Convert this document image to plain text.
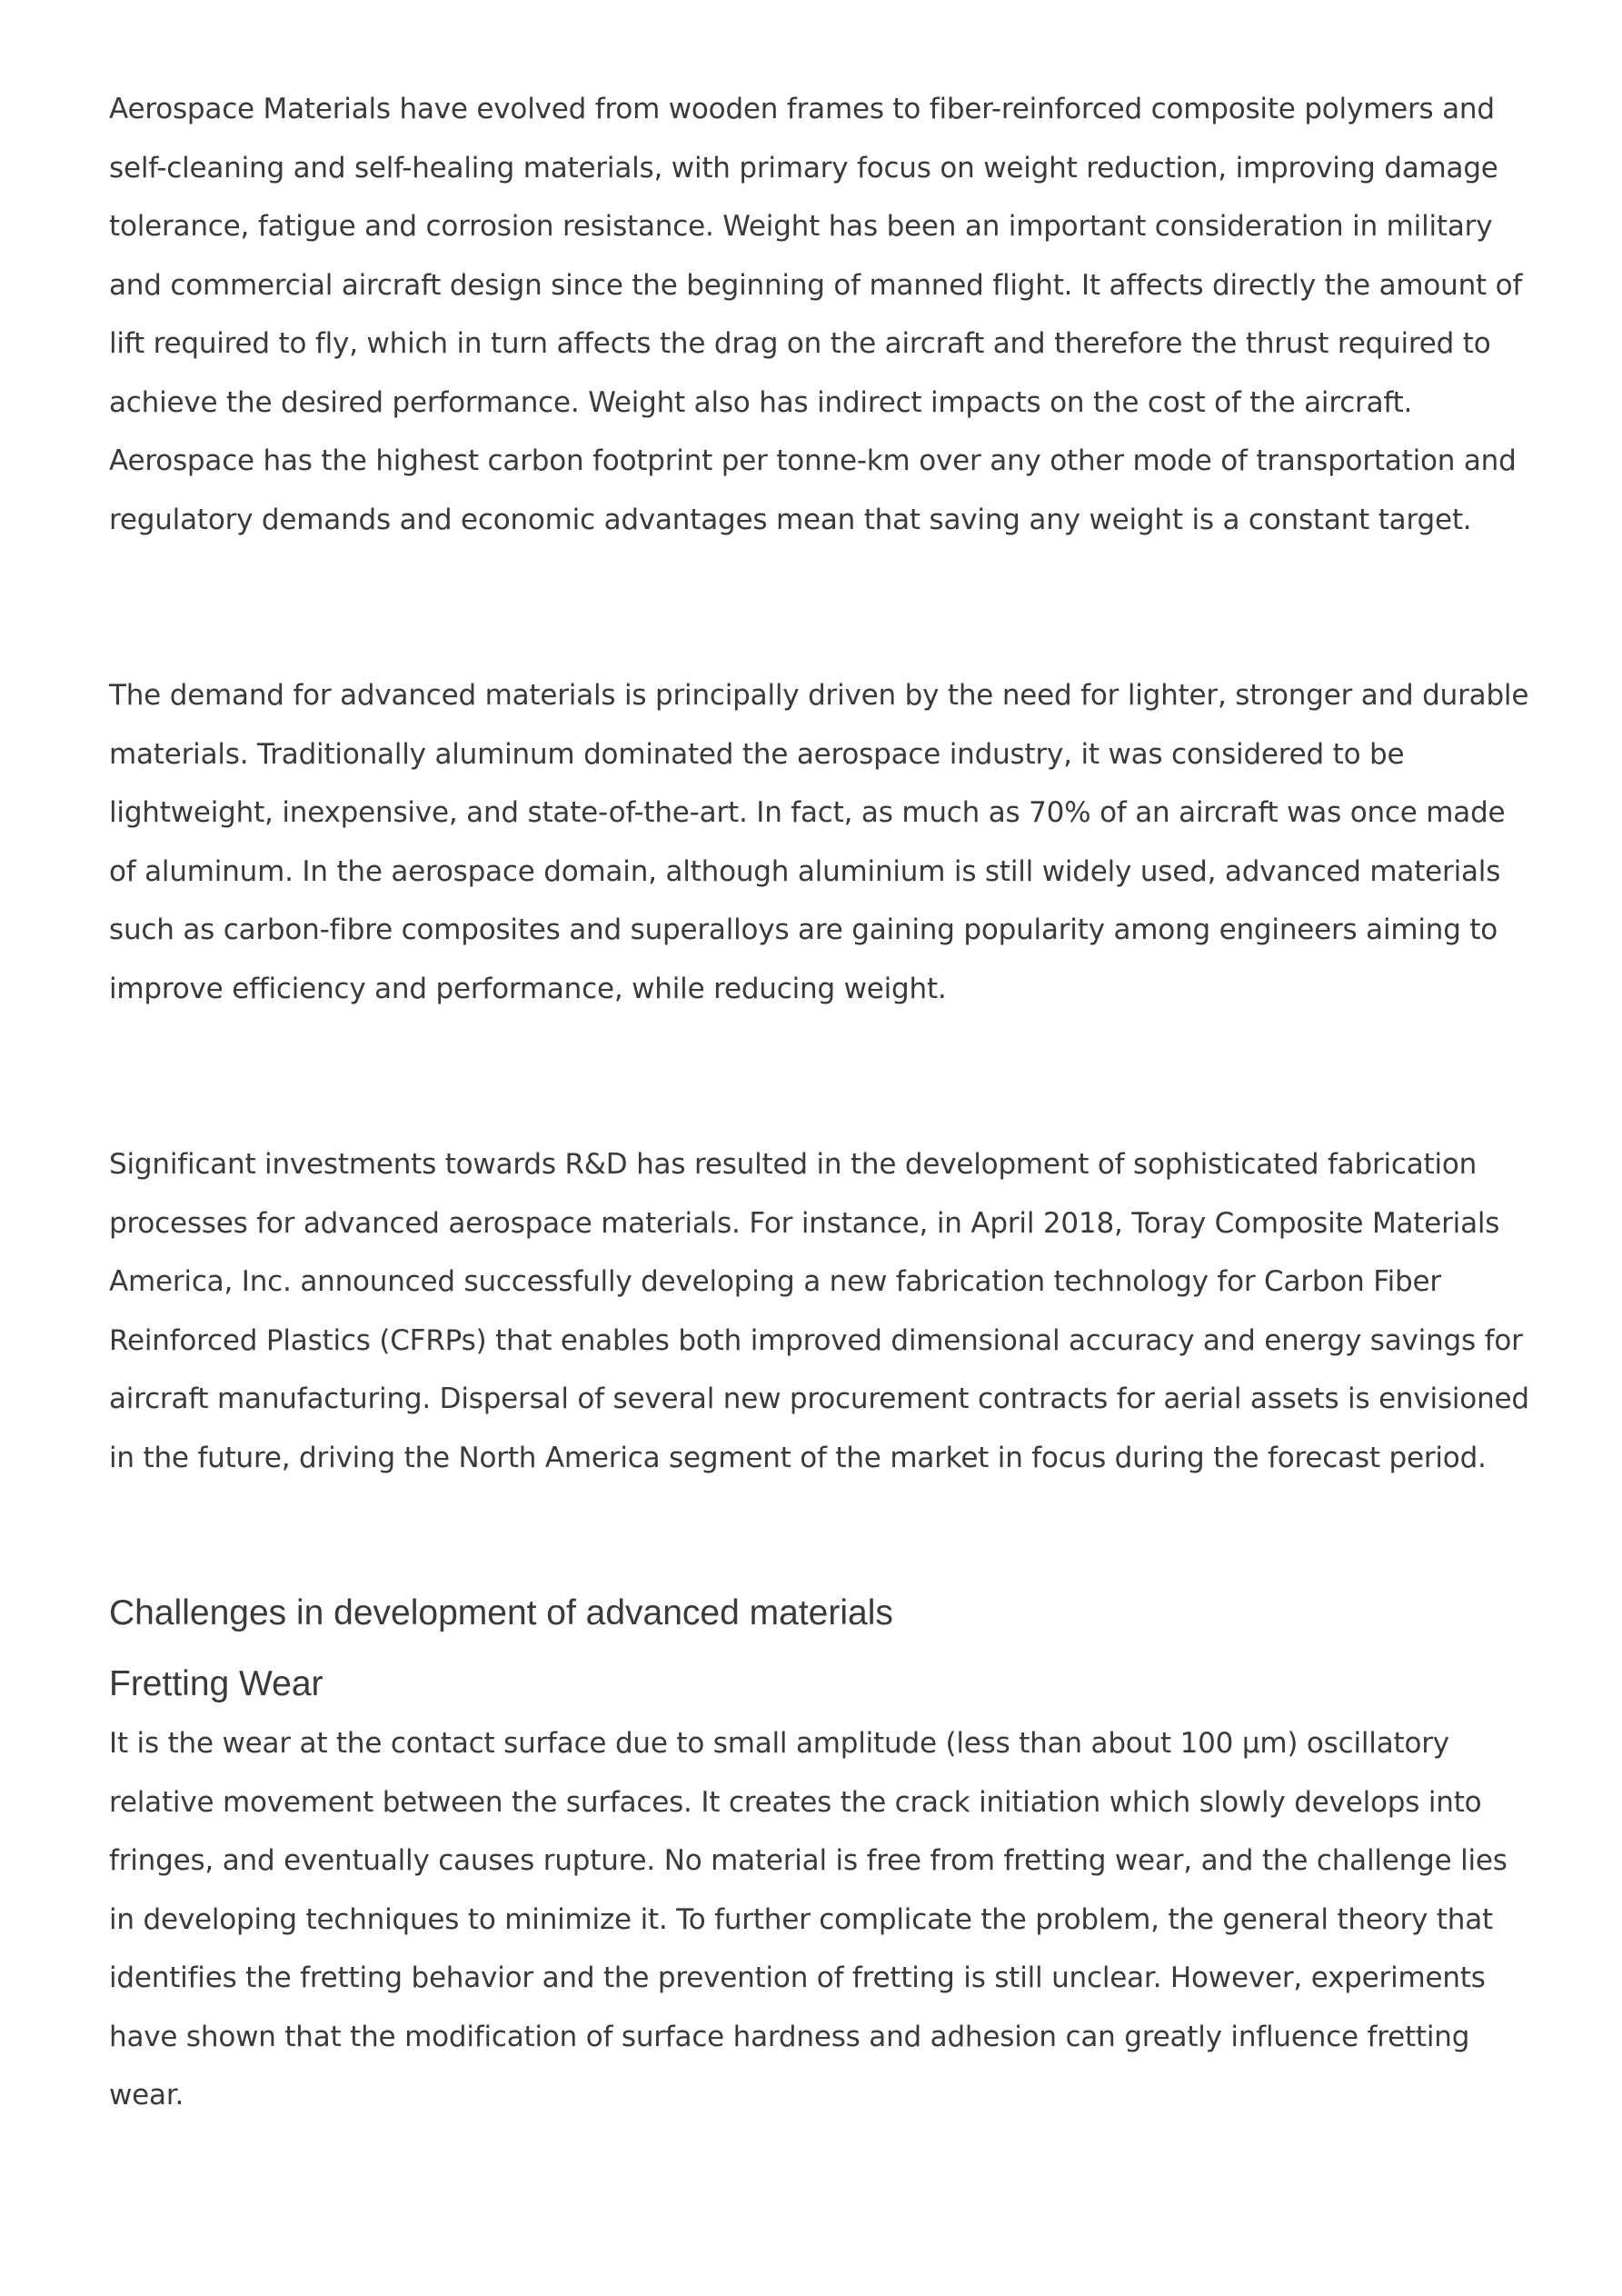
Aerospace Materials have evolved from wooden frames to fiber-reinforced composite polymers and self-cleaning and self-healing materials, with primary focus on weight reduction, improving damage tolerance, fatigue and corrosion resistance. Weight has been an important consideration in military and commercial aircraft design since the beginning of manned flight. It affects directly the amount of lift required to fly, which in turn affects the drag on the aircraft and therefore the thrust required to achieve the desired performance. Weight also has indirect impacts on the cost of the aircraft. Aerospace has the highest carbon footprint per tonne-km over any other mode of transportation and regulatory demands and economic advantages mean that saving any weight is a constant target.

The demand for advanced materials is principally driven by the need for lighter, stronger and durable materials. Traditionally aluminum dominated the aerospace industry, it was considered to be lightweight, inexpensive, and state-of-the-art. In fact, as much as 70% of an aircraft was once made of aluminum. In the aerospace domain, although aluminium is still widely used, advanced materials such as carbon-fibre composites and superalloys are gaining popularity among engineers aiming to improve efficiency and performance, while reducing weight.

Significant investments towards R&D has resulted in the development of sophisticated fabrication processes for advanced aerospace materials. For instance, in April 2018, Toray Composite Materials America, Inc. announced successfully developing a new fabrication technology for Carbon Fiber Reinforced Plastics (CFRPs) that enables both improved dimensional accuracy and energy savings for aircraft manufacturing. Dispersal of several new procurement contracts for aerial assets is envisioned in the future, driving the North America segment of the market in focus during the forecast period.

Challenges in development of advanced materials
Fretting Wear

It is the wear at the contact surface due to small amplitude (less than about 100 μm) oscillatory relative movement between the surfaces. It creates the crack initiation which slowly develops into fringes, and eventually causes rupture. No material is free from fretting wear, and the challenge lies in developing techniques to minimize it. To further complicate the problem, the general theory that identifies the fretting behavior and the prevention of fretting is still unclear. However, experiments have shown that the modification of surface hardness and adhesion can greatly influence fretting wear.
